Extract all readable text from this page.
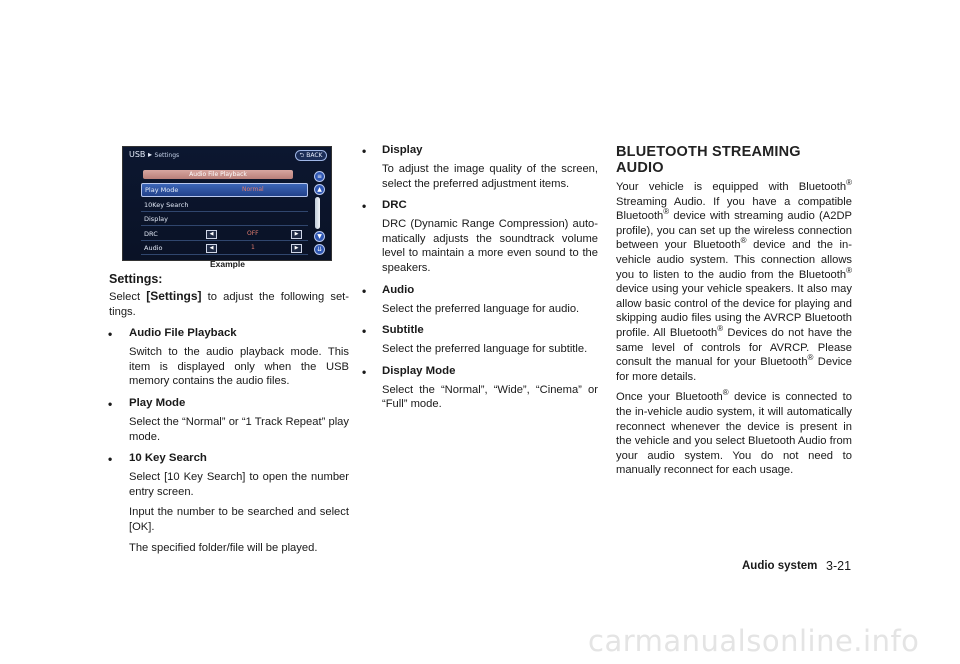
USB ▸ Settings	⮌ BACK
Audio File Playback
Play Mode	Normal
10Key Search
Display
DRC	◀	OFF	▶
Audio	◀	1	▶
≡
▲
▼
⇊
Example
Settings:

Select [Settings] to adjust the following set-tings.

• Audio File Playback

Switch to the audio playback mode. This item is displayed only when the USB memory contains the audio files.

• Play Mode

Select the “Normal” or “1 Track Repeat” play mode.

• 10 Key Search

Select [10 Key Search] to open the number entry screen.

Input the number to be searched and select [OK].

The specified folder/file will be played.

• Display

To adjust the image quality of the screen, select the preferred adjustment items.

• DRC

DRC (Dynamic Range Compression) auto-matically adjusts the soundtrack volume level to maintain a more even sound to the speakers.

• Audio

Select the preferred language for audio.

• Subtitle

Select the preferred language for subtitle.

• Display Mode

Select the “Normal”, “Wide”, “Cinema” or “Full” mode.

BLUETOOTH STREAMING AUDIO

Your vehicle is equipped with Bluetooth® Streaming Audio. If you have a compatible Bluetooth® device with streaming audio (A2DP profile), you can set up the wireless connection between your Bluetooth® device and the in-vehicle audio system. This connection allows you to listen to the audio from the Bluetooth® device using your vehicle speakers. It also may allow basic control of the device for playing and skipping audio files using the AVRCP Bluetooth profile. All Bluetooth® Devices do not have the same level of controls for AVRCP. Please consult the manual for your Bluetooth® Device for more details.

Once your Bluetooth® device is connected to the in-vehicle audio system, it will automatically reconnect whenever the device is present in the vehicle and you select Bluetooth Audio from your audio system. You do not need to manually reconnect for each usage.

Audio system 3-21
carmanualsonline.info
